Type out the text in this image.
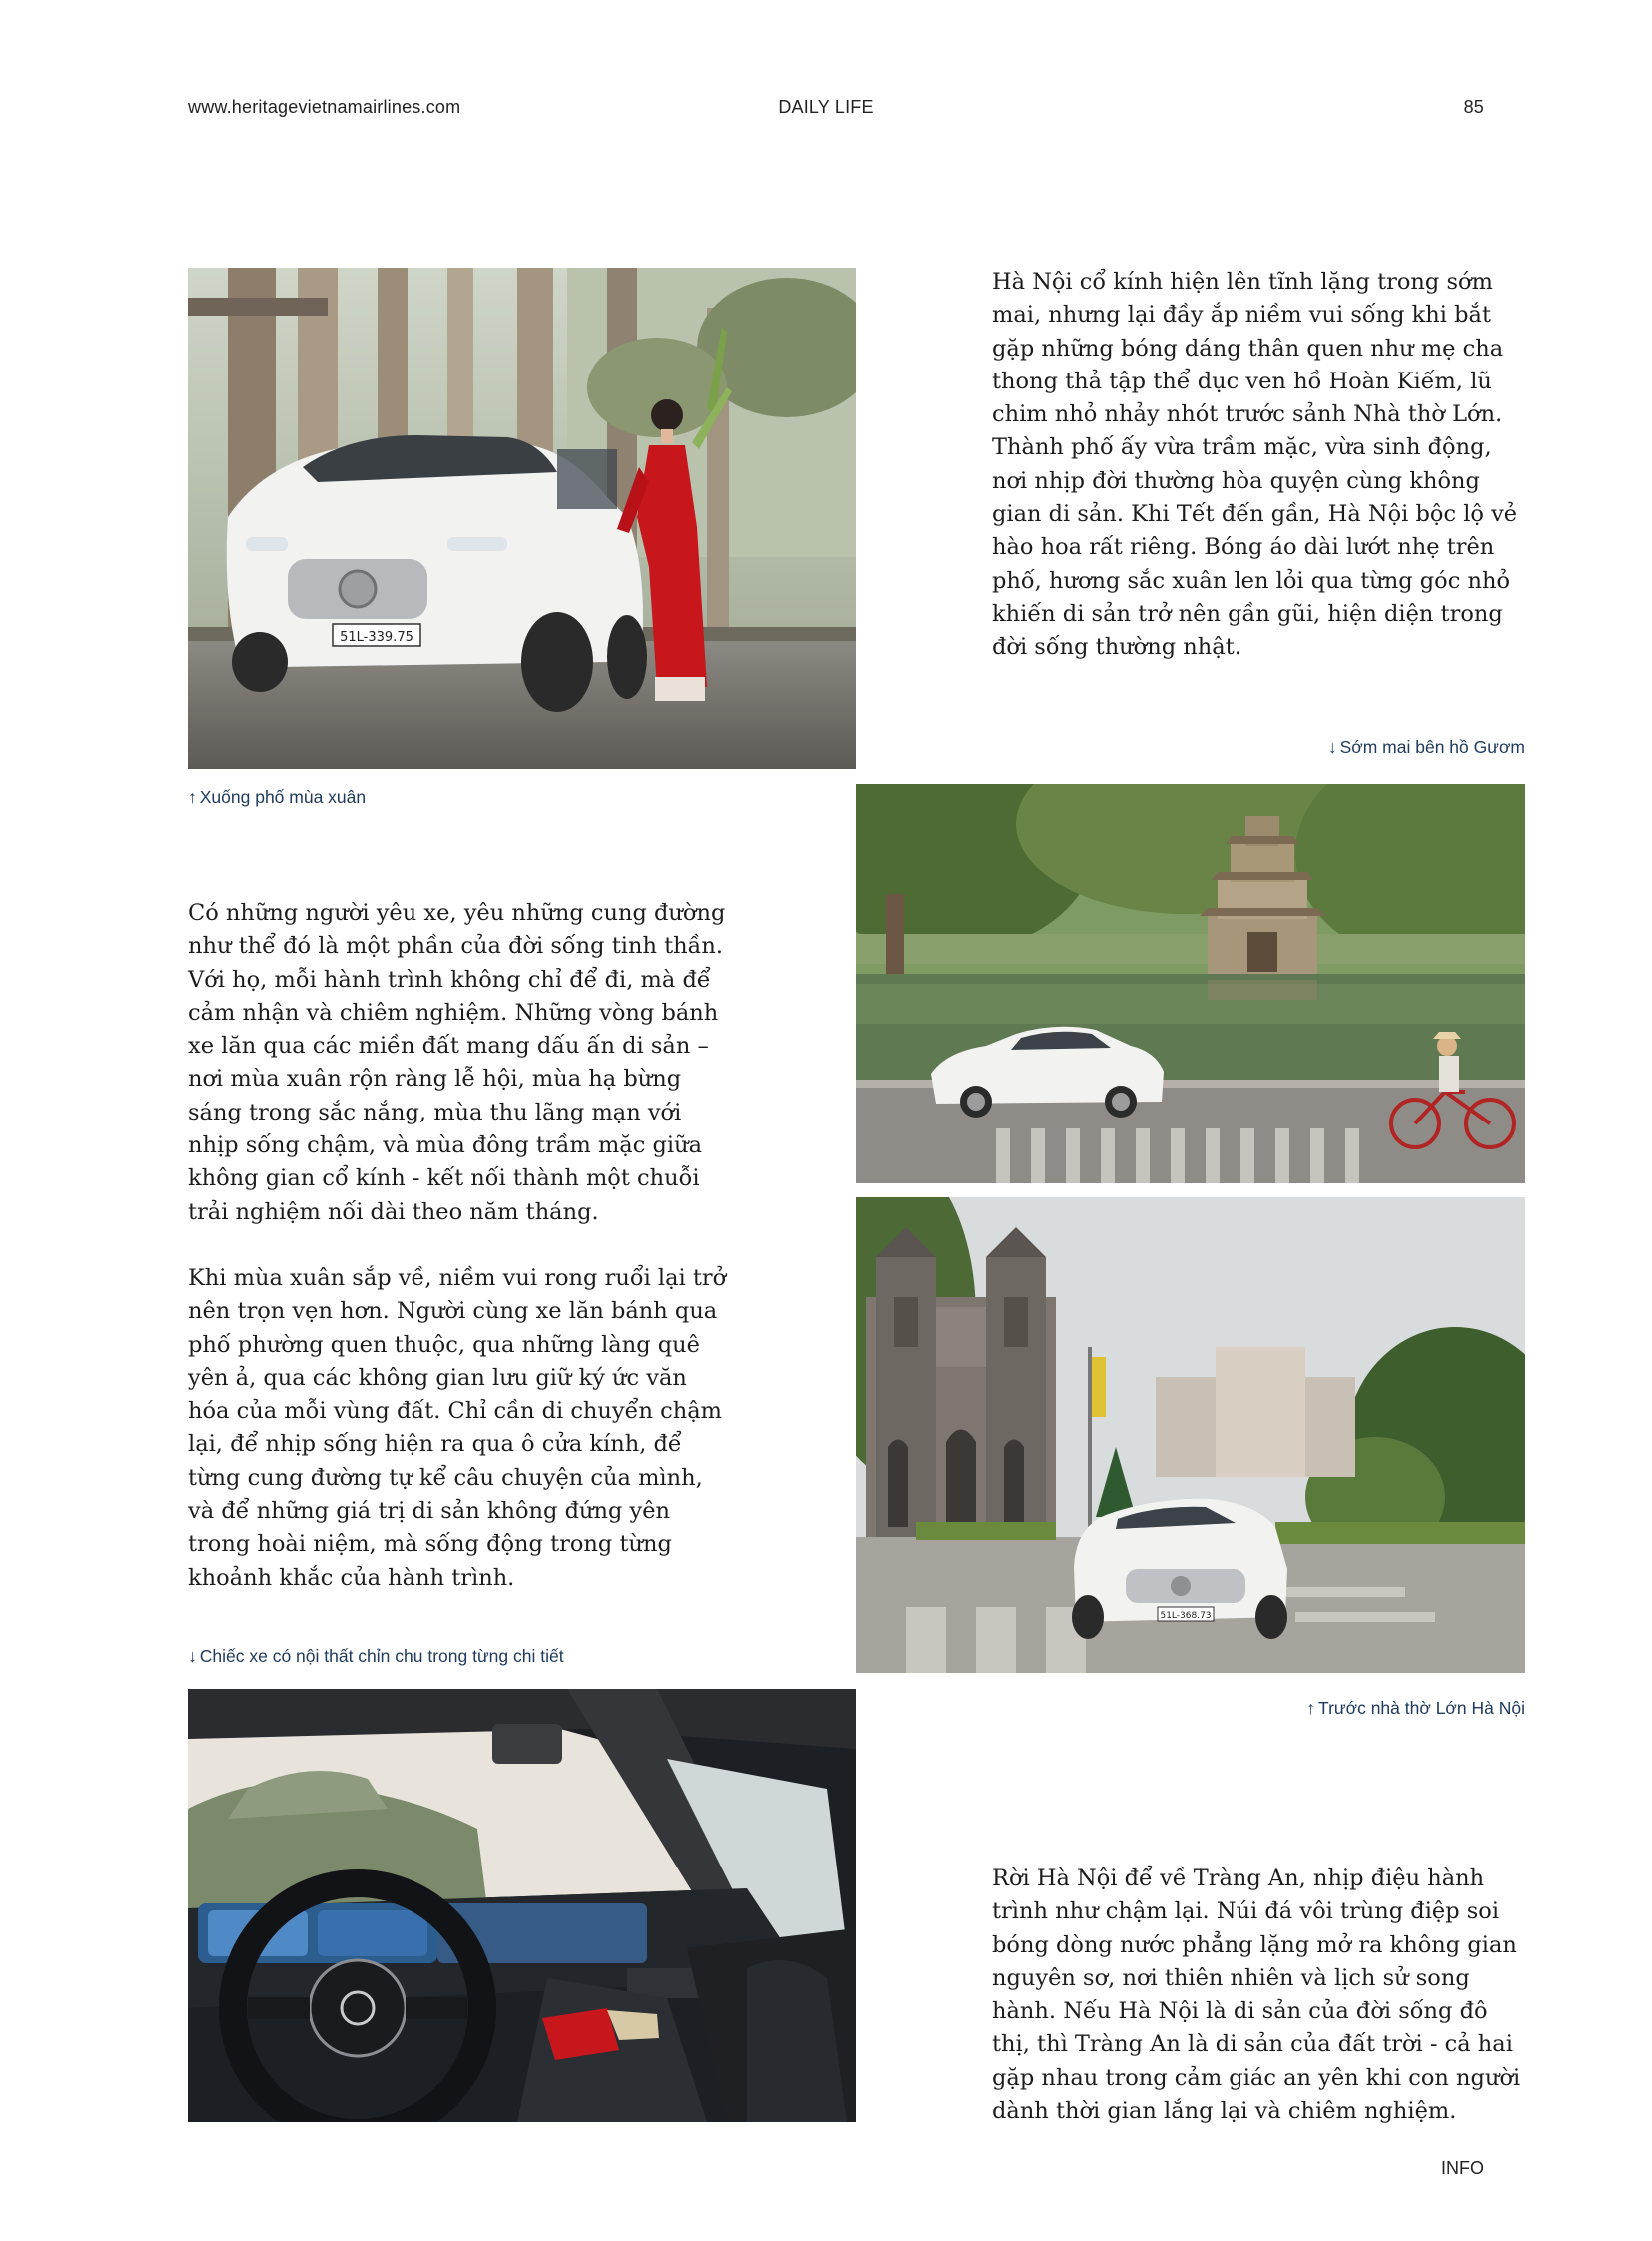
www.heritagevietnamairlines.com	DAILY LIFE	85
51L-339.75

Hà Nội cổ kính hiện lên tĩnh lặng trong sớm mai, nhưng lại đầy ắp niềm vui sống khi bắt gặp những bóng dáng thân quen như mẹ cha thong thả tập thể dục ven hồ Hoàn Kiếm, lũ chim nhỏ nhảy nhót trước sảnh Nhà thờ Lớn. Thành phố ấy vừa trầm mặc, vừa sinh động, nơi nhịp đời thường hòa quyện cùng không gian di sản. Khi Tết đến gần, Hà Nội bộc lộ vẻ hào hoa rất riêng. Bóng áo dài lướt nhẹ trên phố, hương sắc xuân len lỏi qua từng góc nhỏ khiến di sản trở nên gần gũi, hiện diện trong đời sống thường nhật.

↓ Sớm mai bên hồ Gươm
↑ Xuống phố mùa xuân

Có những người yêu xe, yêu những cung đường như thể đó là một phần của đời sống tinh thần. Với họ, mỗi hành trình không chỉ để đi, mà để cảm nhận và chiêm nghiệm. Những vòng bánh xe lăn qua các miền đất mang dấu ấn di sản – nơi mùa xuân rộn ràng lễ hội, mùa hạ bừng sáng trong sắc nắng, mùa thu lãng mạn với nhịp sống chậm, và mùa đông trầm mặc giữa không gian cổ kính - kết nối thành một chuỗi trải nghiệm nối dài theo năm tháng.

Khi mùa xuân sắp về, niềm vui rong ruổi lại trở nên trọn vẹn hơn. Người cùng xe lăn bánh qua phố phường quen thuộc, qua những làng quê yên ả, qua các không gian lưu giữ ký ức văn hóa của mỗi vùng đất. Chỉ cần di chuyển chậm lại, để nhịp sống hiện ra qua ô cửa kính, để từng cung đường tự kể câu chuyện của mình, và để những giá trị di sản không đứng yên trong hoài niệm, mà sống động trong từng khoảnh khắc của hành trình.

51L-368.73
↓ Chiếc xe có nội thất chỉn chu trong từng chi tiết
↑ Trước nhà thờ Lớn Hà Nội

Rời Hà Nội để về Tràng An, nhịp điệu hành trình như chậm lại. Núi đá vôi trùng điệp soi bóng dòng nước phẳng lặng mở ra không gian nguyên sơ, nơi thiên nhiên và lịch sử song hành. Nếu Hà Nội là di sản của đời sống đô thị, thì Tràng An là di sản của đất trời - cả hai gặp nhau trong cảm giác an yên khi con người dành thời gian lắng lại và chiêm nghiệm.

INFO
